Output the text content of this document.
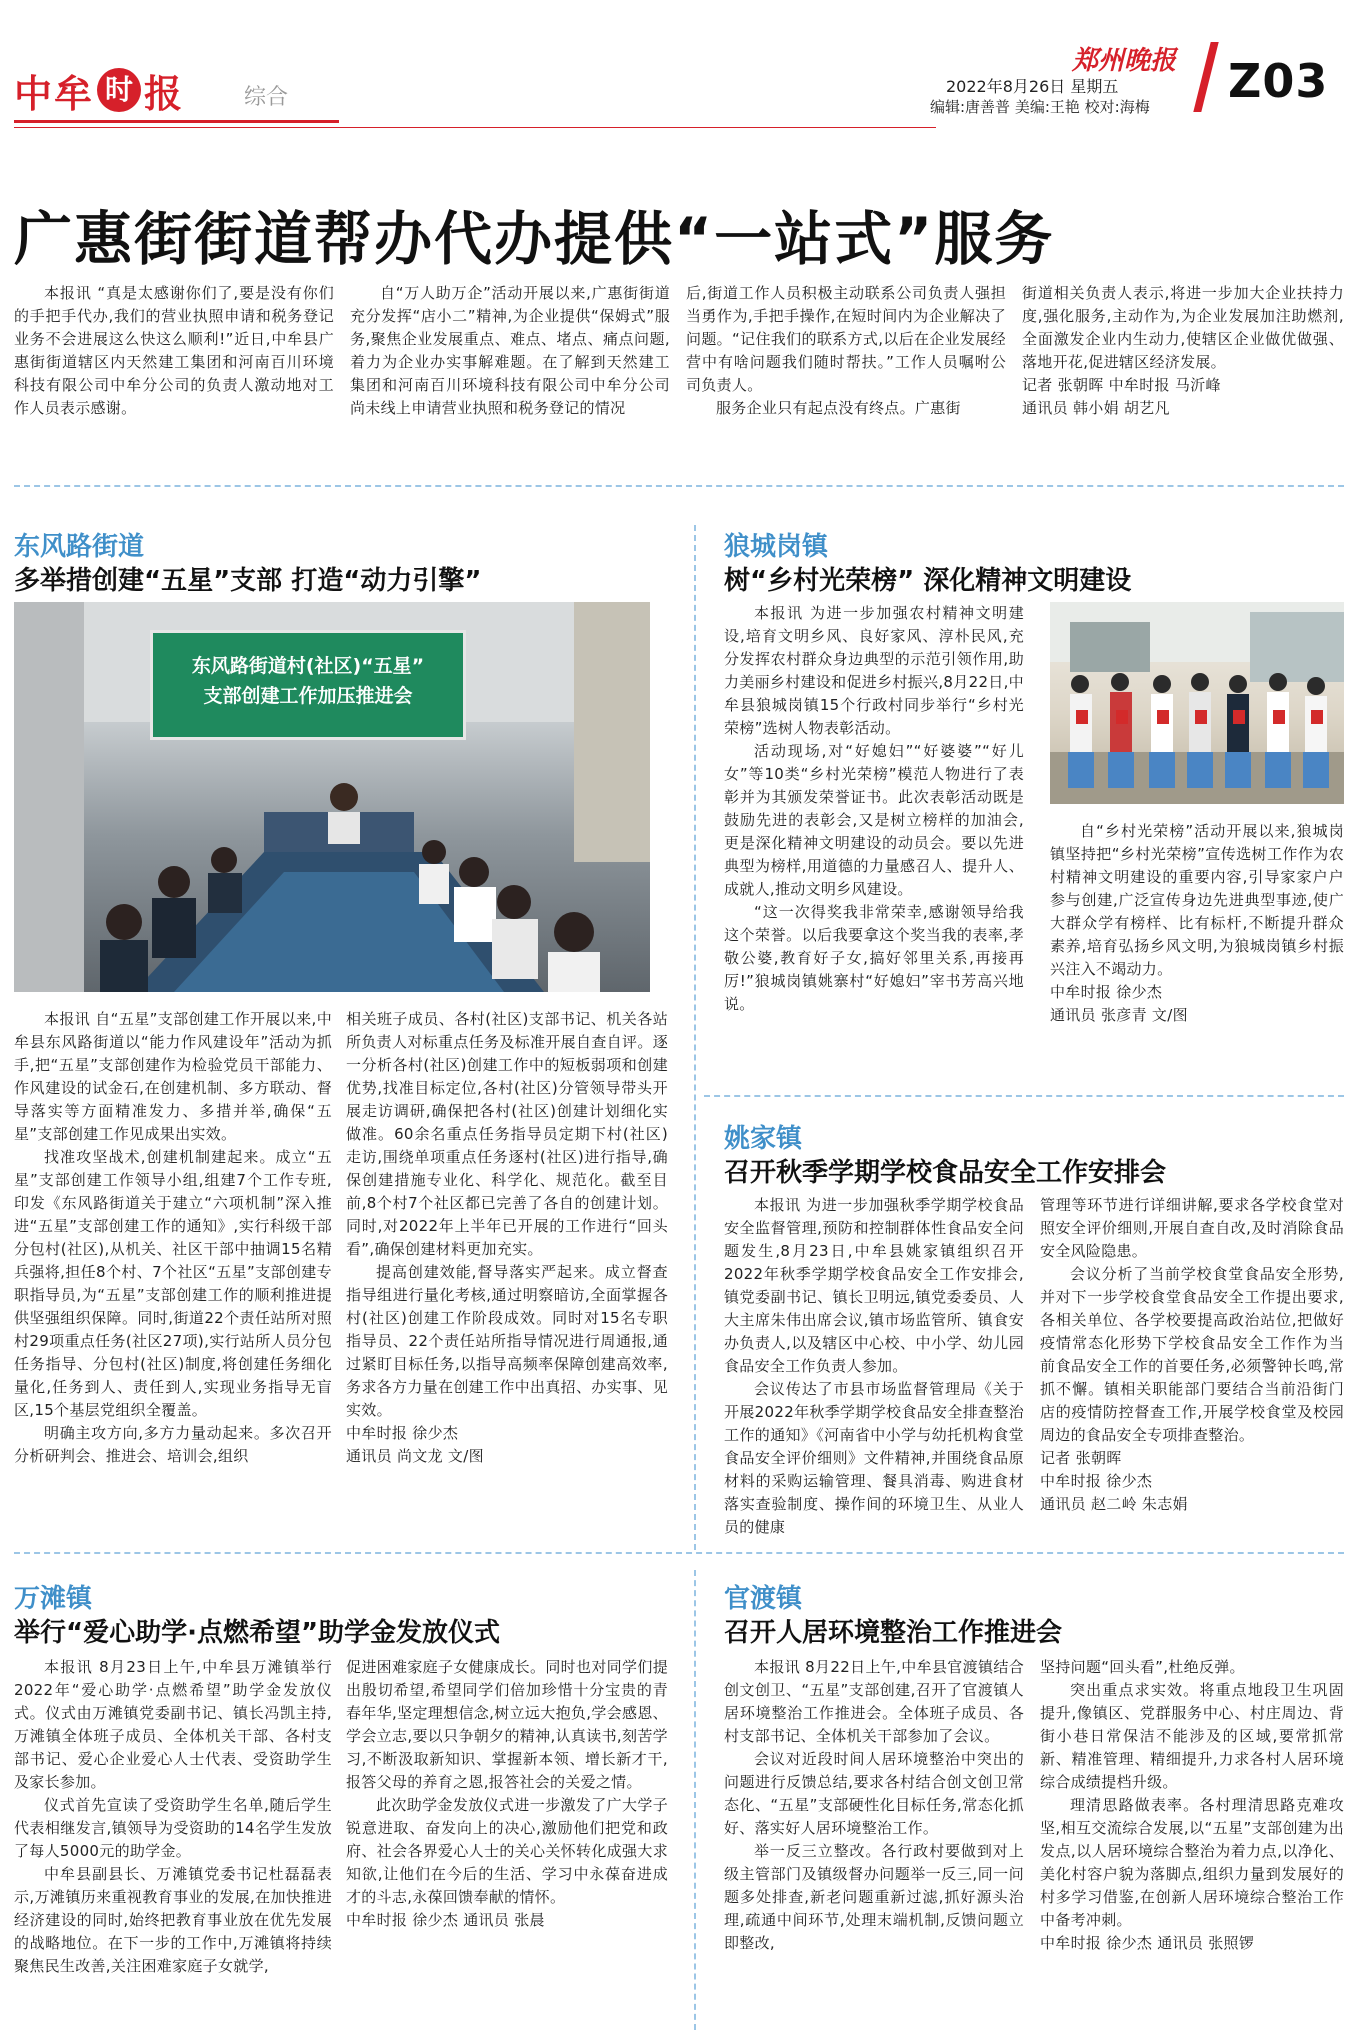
中牟 时 报	综合
郑州晚报
2022年8月26日 星期五
编辑:唐善普 美编:王艳 校对:海梅 Z03
广惠街街道帮办代办提供“一站式”服务

本报讯 “真是太感谢你们了,要是没有你们的手把手代办,我们的营业执照申请和税务登记业务不会进展这么快这么顺利!”近日,中牟县广惠街街道辖区内天然建工集团和河南百川环境科技有限公司中牟分公司的负责人激动地对工作人员表示感谢。

自“万人助万企”活动开展以来,广惠街街道充分发挥“店小二”精神,为企业提供“保姆式”服务,聚焦企业发展重点、难点、堵点、痛点问题,着力为企业办实事解难题。在了解到天然建工集团和河南百川环境科技有限公司中牟分公司尚未线上申请营业执照和税务登记的情况

后,街道工作人员积极主动联系公司负责人强担当勇作为,手把手操作,在短时间内为企业解决了问题。“记住我们的联系方式,以后在企业发展经营中有啥问题我们随时帮扶。”工作人员嘱咐公司负责人。

服务企业只有起点没有终点。广惠街

街道相关负责人表示,将进一步加大企业扶持力度,强化服务,主动作为,为企业发展加注助燃剂,全面激发企业内生动力,使辖区企业做优做强、落地开花,促进辖区经济发展。

记者 张朝晖 中牟时报 马沂峰

通讯员 韩小娟 胡艺凡

东风路街道
多举措创建“五星”支部 打造“动力引擎”
东风路街道村(社区)“五星”
支部创建工作加压推进会

本报讯 自“五星”支部创建工作开展以来,中牟县东风路街道以“能力作风建设年”活动为抓手,把“五星”支部创建作为检验党员干部能力、作风建设的试金石,在创建机制、多方联动、督导落实等方面精准发力、多措并举,确保“五星”支部创建工作见成果出实效。

找准攻坚战术,创建机制建起来。成立“五星”支部创建工作领导小组,组建7个工作专班,印发《东风路街道关于建立“六项机制”深入推进“五星”支部创建工作的通知》,实行科级干部分包村(社区),从机关、社区干部中抽调15名精兵强将,担任8个村、7个社区“五星”支部创建专职指导员,为“五星”支部创建工作的顺利推进提供坚强组织保障。同时,街道22个责任站所对照村29项重点任务(社区27项),实行站所人员分包任务指导、分包村(社区)制度,将创建任务细化量化,任务到人、责任到人,实现业务指导无盲区,15个基层党组织全覆盖。

明确主攻方向,多方力量动起来。多次召开分析研判会、推进会、培训会,组织

相关班子成员、各村(社区)支部书记、机关各站所负责人对标重点任务及标准开展自查自评。逐一分析各村(社区)创建工作中的短板弱项和创建优势,找准目标定位,各村(社区)分管领导带头开展走访调研,确保把各村(社区)创建计划细化实做准。60余名重点任务指导员定期下村(社区)走访,围绕单项重点任务逐村(社区)进行指导,确保创建措施专业化、科学化、规范化。截至目前,8个村7个社区都已完善了各自的创建计划。同时,对2022年上半年已开展的工作进行“回头看”,确保创建材料更加充实。

提高创建效能,督导落实严起来。成立督查指导组进行量化考核,通过明察暗访,全面掌握各村(社区)创建工作阶段成效。同时对15名专职指导员、22个责任站所指导情况进行周通报,通过紧盯目标任务,以指导高频率保障创建高效率,务求各方力量在创建工作中出真招、办实事、见实效。

中牟时报 徐少杰

通讯员 尚文龙 文/图

狼城岗镇
树“乡村光荣榜” 深化精神文明建设

本报讯 为进一步加强农村精神文明建设,培育文明乡风、良好家风、淳朴民风,充分发挥农村群众身边典型的示范引领作用,助力美丽乡村建设和促进乡村振兴,8月22日,中牟县狼城岗镇15个行政村同步举行“乡村光荣榜”选树人物表彰活动。

活动现场,对“好媳妇”“好婆婆”“好儿女”等10类“乡村光荣榜”模范人物进行了表彰并为其颁发荣誉证书。此次表彰活动既是鼓励先进的表彰会,又是树立榜样的加油会,更是深化精神文明建设的动员会。要以先进典型为榜样,用道德的力量感召人、提升人、成就人,推动文明乡风建设。

“这一次得奖我非常荣幸,感谢领导给我这个荣誉。以后我要拿这个奖当我的表率,孝敬公婆,教育好子女,搞好邻里关系,再接再厉!”狼城岗镇姚寨村“好媳妇”宰书芳高兴地说。

自“乡村光荣榜”活动开展以来,狼城岗镇坚持把“乡村光荣榜”宣传选树工作作为农村精神文明建设的重要内容,引导家家户户参与创建,广泛宣传身边先进典型事迹,使广大群众学有榜样、比有标杆,不断提升群众素养,培育弘扬乡风文明,为狼城岗镇乡村振兴注入不竭动力。

中牟时报 徐少杰

通讯员 张彦青 文/图

姚家镇
召开秋季学期学校食品安全工作安排会

本报讯 为进一步加强秋季学期学校食品安全监督管理,预防和控制群体性食品安全问题发生,8月23日,中牟县姚家镇组织召开2022年秋季学期学校食品安全工作安排会,镇党委副书记、镇长卫明远,镇党委委员、人大主席朱伟出席会议,镇市场监管所、镇食安办负责人,以及辖区中心校、中小学、幼儿园食品安全工作负责人参加。

会议传达了市县市场监督管理局《关于开展2022年秋季学期学校食品安全排查整治工作的通知》《河南省中小学与幼托机构食堂食品安全评价细则》文件精神,并围绕食品原材料的采购运输管理、餐具消毒、购进食材落实查验制度、操作间的环境卫生、从业人员的健康

管理等环节进行详细讲解,要求各学校食堂对照安全评价细则,开展自查自改,及时消除食品安全风险隐患。

会议分析了当前学校食堂食品安全形势,并对下一步学校食堂食品安全工作提出要求,各相关单位、各学校要提高政治站位,把做好疫情常态化形势下学校食品安全工作作为当前食品安全工作的首要任务,必须警钟长鸣,常抓不懈。镇相关职能部门要结合当前沿街门店的疫情防控督查工作,开展学校食堂及校园周边的食品安全专项排查整治。

记者 张朝晖

中牟时报 徐少杰

通讯员 赵二岭 朱志娟

万滩镇
举行“爱心助学·点燃希望”助学金发放仪式

本报讯 8月23日上午,中牟县万滩镇举行2022年“爱心助学·点燃希望”助学金发放仪式。仪式由万滩镇党委副书记、镇长冯凯主持,万滩镇全体班子成员、全体机关干部、各村支部书记、爱心企业爱心人士代表、受资助学生及家长参加。

仪式首先宣读了受资助学生名单,随后学生代表相继发言,镇领导为受资助的14名学生发放了每人5000元的助学金。

中牟县副县长、万滩镇党委书记杜磊磊表示,万滩镇历来重视教育事业的发展,在加快推进经济建设的同时,始终把教育事业放在优先发展的战略地位。在下一步的工作中,万滩镇将持续聚焦民生改善,关注困难家庭子女就学,

促进困难家庭子女健康成长。同时也对同学们提出殷切希望,希望同学们倍加珍惜十分宝贵的青春年华,坚定理想信念,树立远大抱负,学会感恩、学会立志,要以只争朝夕的精神,认真读书,刻苦学习,不断汲取新知识、掌握新本领、增长新才干,报答父母的养育之恩,报答社会的关爱之情。

此次助学金发放仪式进一步激发了广大学子锐意进取、奋发向上的决心,激励他们把党和政府、社会各界爱心人士的关心关怀转化成强大求知欲,让他们在今后的生活、学习中永葆奋进成才的斗志,永葆回馈奉献的情怀。

中牟时报 徐少杰 通讯员 张晨

官渡镇
召开人居环境整治工作推进会

本报讯 8月22日上午,中牟县官渡镇结合创文创卫、“五星”支部创建,召开了官渡镇人居环境整治工作推进会。全体班子成员、各村支部书记、全体机关干部参加了会议。

会议对近段时间人居环境整治中突出的问题进行反馈总结,要求各村结合创文创卫常态化、“五星”支部硬性化目标任务,常态化抓好、落实好人居环境整治工作。

举一反三立整改。各行政村要做到对上级主管部门及镇级督办问题举一反三,同一问题多处排查,新老问题重新过滤,抓好源头治理,疏通中间环节,处理末端机制,反馈问题立即整改,

坚持问题“回头看”,杜绝反弹。

突出重点求实效。将重点地段卫生巩固提升,像镇区、党群服务中心、村庄周边、背街小巷日常保洁不能涉及的区域,要常抓常新、精准管理、精细提升,力求各村人居环境综合成绩提档升级。

理清思路做表率。各村理清思路克难攻坚,相互交流综合发展,以“五星”支部创建为出发点,以人居环境综合整治为着力点,以净化、美化村容户貌为落脚点,组织力量到发展好的村多学习借鉴,在创新人居环境综合整治工作中备考冲刺。

中牟时报 徐少杰 通讯员 张照锣
